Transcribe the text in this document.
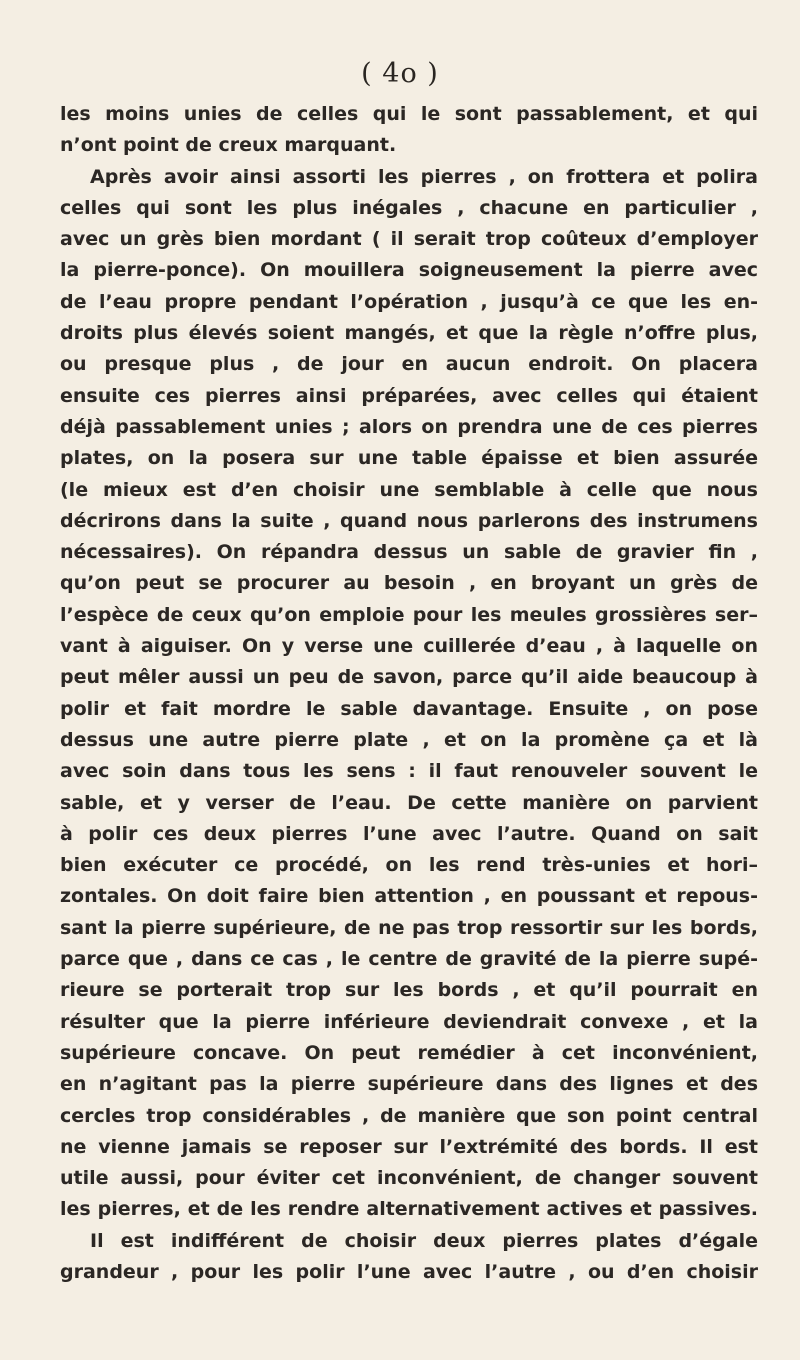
( 4o )
les moins unies de celles qui le sont passablement, et qui
n’ont point de creux marquant.
Après avoir ainsi assorti les pierres , on frottera et polira
celles qui sont les plus inégales , chacune en particulier ,
avec un grès bien mordant ( il serait trop coûteux d’employer
la pierre-ponce). On mouillera soigneusement la pierre avec
de l’eau propre pendant l’opération , jusqu’à ce que les en-
droits plus élevés soient mangés, et que la règle n’offre plus,
ou presque plus , de jour en aucun endroit. On placera
ensuite ces pierres ainsi préparées, avec celles qui étaient
déjà passablement unies ; alors on prendra une de ces pierres
plates, on la posera sur une table épaisse et bien assurée
(le mieux est d’en choisir une semblable à celle que nous
décrirons dans la suite , quand nous parlerons des instrumens
nécessaires). On répandra dessus un sable de gravier fin ,
qu’on peut se procurer au besoin , en broyant un grès de
l’espèce de ceux qu’on emploie pour les meules grossières ser–
vant à aiguiser. On y verse une cuillerée d’eau , à laquelle on
peut mêler aussi un peu de savon, parce qu’il aide beaucoup à
polir et fait mordre le sable davantage. Ensuite , on pose
dessus une autre pierre plate , et on la promène ça et là
avec soin dans tous les sens : il faut renouveler souvent le
sable, et y verser de l’eau. De cette manière on parvient
à polir ces deux pierres l’une avec l’autre. Quand on sait
bien exécuter ce procédé, on les rend très-unies et hori–
zontales. On doit faire bien attention , en poussant et repous-
sant la pierre supérieure, de ne pas trop ressortir sur les bords,
parce que , dans ce cas , le centre de gravité de la pierre supé-
rieure se porterait trop sur les bords , et qu’il pourrait en
résulter que la pierre inférieure deviendrait convexe , et la
supérieure concave. On peut remédier à cet inconvénient,
en n’agitant pas la pierre supérieure dans des lignes et des
cercles trop considérables , de manière que son point central
ne vienne jamais se reposer sur l’extrémité des bords. Il est
utile aussi, pour éviter cet inconvénient, de changer souvent
les pierres, et de les rendre alternativement actives et passives.
Il est indifférent de choisir deux pierres plates d’égale
grandeur , pour les polir l’une avec l’autre , ou d’en choisir
